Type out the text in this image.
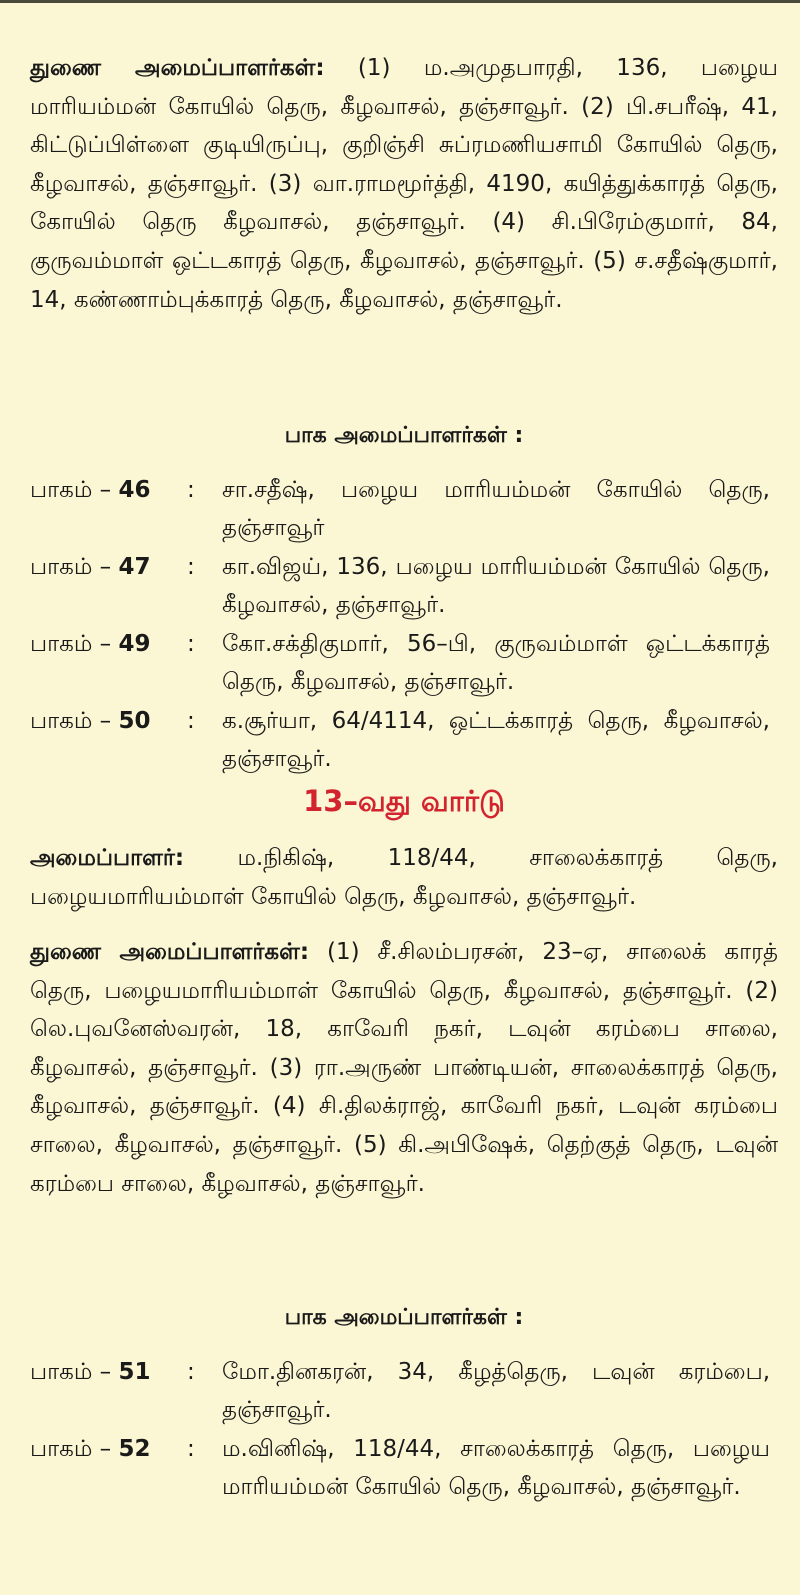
துணை அமைப்பாளர்கள்: (1) ம.அமுதபாரதி, 136, பழைய மாரியம்மன் கோயில் தெரு, கீழவாசல், தஞ்சாவூர். (2) பி.சபரீஷ், 41, கிட்டுப்பிள்ளை குடியிருப்பு, குறிஞ்சி சுப்ரமணியசாமி கோயில் தெரு, கீழவாசல், தஞ்சாவூர். (3) வா.ராமமூர்த்தி, 4190, கயித்துக்காரத் தெரு, கோயில் தெரு கீழவாசல், தஞ்சாவூர். (4) சி.பிரேம்குமார், 84, குருவம்மாள் ஒட்டகாரத் தெரு, கீழவாசல், தஞ்சாவூர். (5) ச.சதீஷ்குமார், 14, கண்ணாம்புக்காரத் தெரு, கீழவாசல், தஞ்சாவூர்.

பாக அமைப்பாளர்கள் :
பாகம் – 46 : சா.சதீஷ், பழைய மாரியம்மன் கோயில் தெரு, தஞ்சாவூர்
பாகம் – 47 : கா.விஜய், 136, பழைய மாரியம்மன் கோயில் தெரு, கீழவாசல், தஞ்சாவூர்.
பாகம் – 49 : கோ.சக்திகுமார், 56–பி, குருவம்மாள் ஒட்டக்காரத் தெரு, கீழவாசல், தஞ்சாவூர்.
பாகம் – 50 : க.சூர்யா, 64/4114, ஒட்டக்காரத் தெரு, கீழவாசல், தஞ்சாவூர்.
13–வது வார்டு

அமைப்பாளர்: ம.நிகிஷ், 118/44, சாலைக்காரத் தெரு, பழையமாரியம்மாள் கோயில் தெரு, கீழவாசல், தஞ்சாவூர்.

துணை அமைப்பாளர்கள்: (1) சீ.சிலம்பரசன், 23–ஏ, சாலைக் காரத் தெரு, பழையமாரியம்மாள் கோயில் தெரு, கீழவாசல், தஞ்சாவூர். (2) லெ.புவனேஸ்வரன், 18, காவேரி நகர், டவுன் கரம்பை சாலை, கீழவாசல், தஞ்சாவூர். (3) ரா.அருண் பாண்டியன், சாலைக்காரத் தெரு, கீழவாசல், தஞ்சாவூர். (4) சி.திலக்ராஜ், காவேரி நகர், டவுன் கரம்பை சாலை, கீழவாசல், தஞ்சாவூர். (5) கி.அபிஷேக், தெற்குத் தெரு, டவுன் கரம்பை சாலை, கீழவாசல், தஞ்சாவூர்.

பாக அமைப்பாளர்கள் :
பாகம் – 51 : மோ.தினகரன், 34, கீழத்தெரு, டவுன் கரம்பை, தஞ்சாவூர்.
பாகம் – 52 : ம.வினிஷ், 118/44, சாலைக்காரத் தெரு, பழைய மாரியம்மன் கோயில் தெரு, கீழவாசல், தஞ்சாவூர்.
